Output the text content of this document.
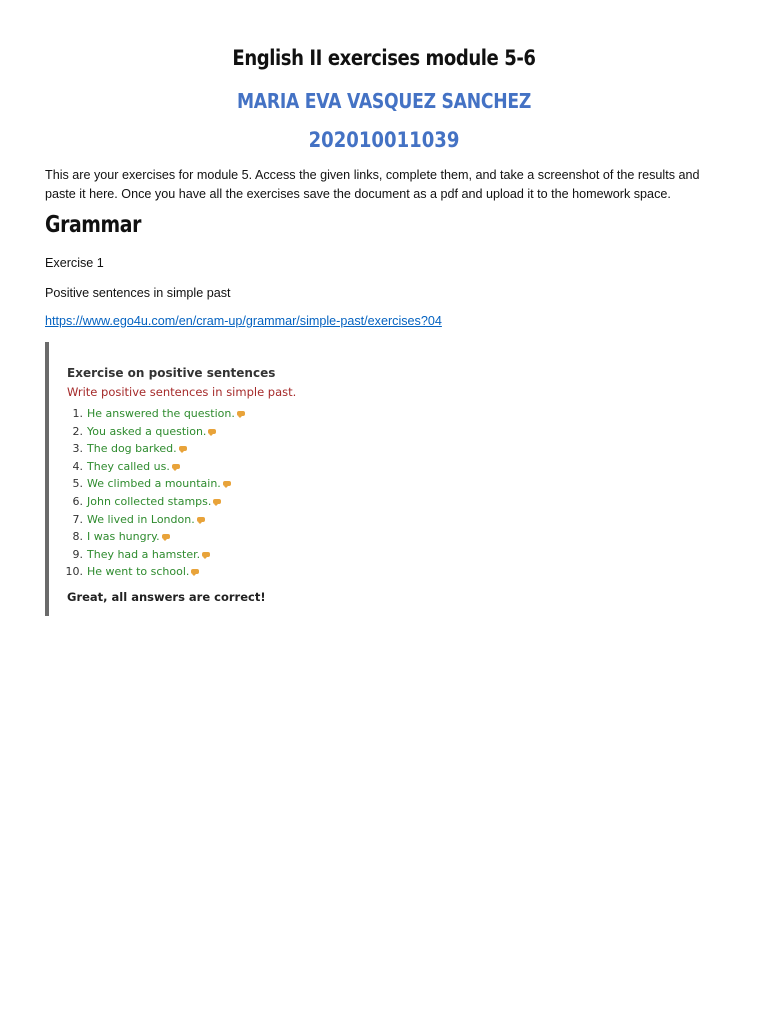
English II exercises module 5-6
MARIA EVA VASQUEZ SANCHEZ
202010011039
This are your exercises for module 5. Access the given links, complete them, and take a screenshot of the results and paste it here. Once you have all the exercises save the document as a pdf and upload it to the homework space.
Grammar
Exercise 1
Positive sentences in simple past
https://www.ego4u.com/en/cram-up/grammar/simple-past/exercises?04
Exercise on positive sentences
Write positive sentences in simple past.
1. He answered the question.
2. You asked a question.
3. The dog barked.
4. They called us.
5. We climbed a mountain.
6. John collected stamps.
7. We lived in London.
8. I was hungry.
9. They had a hamster.
10. He went to school.
Great, all answers are correct!
